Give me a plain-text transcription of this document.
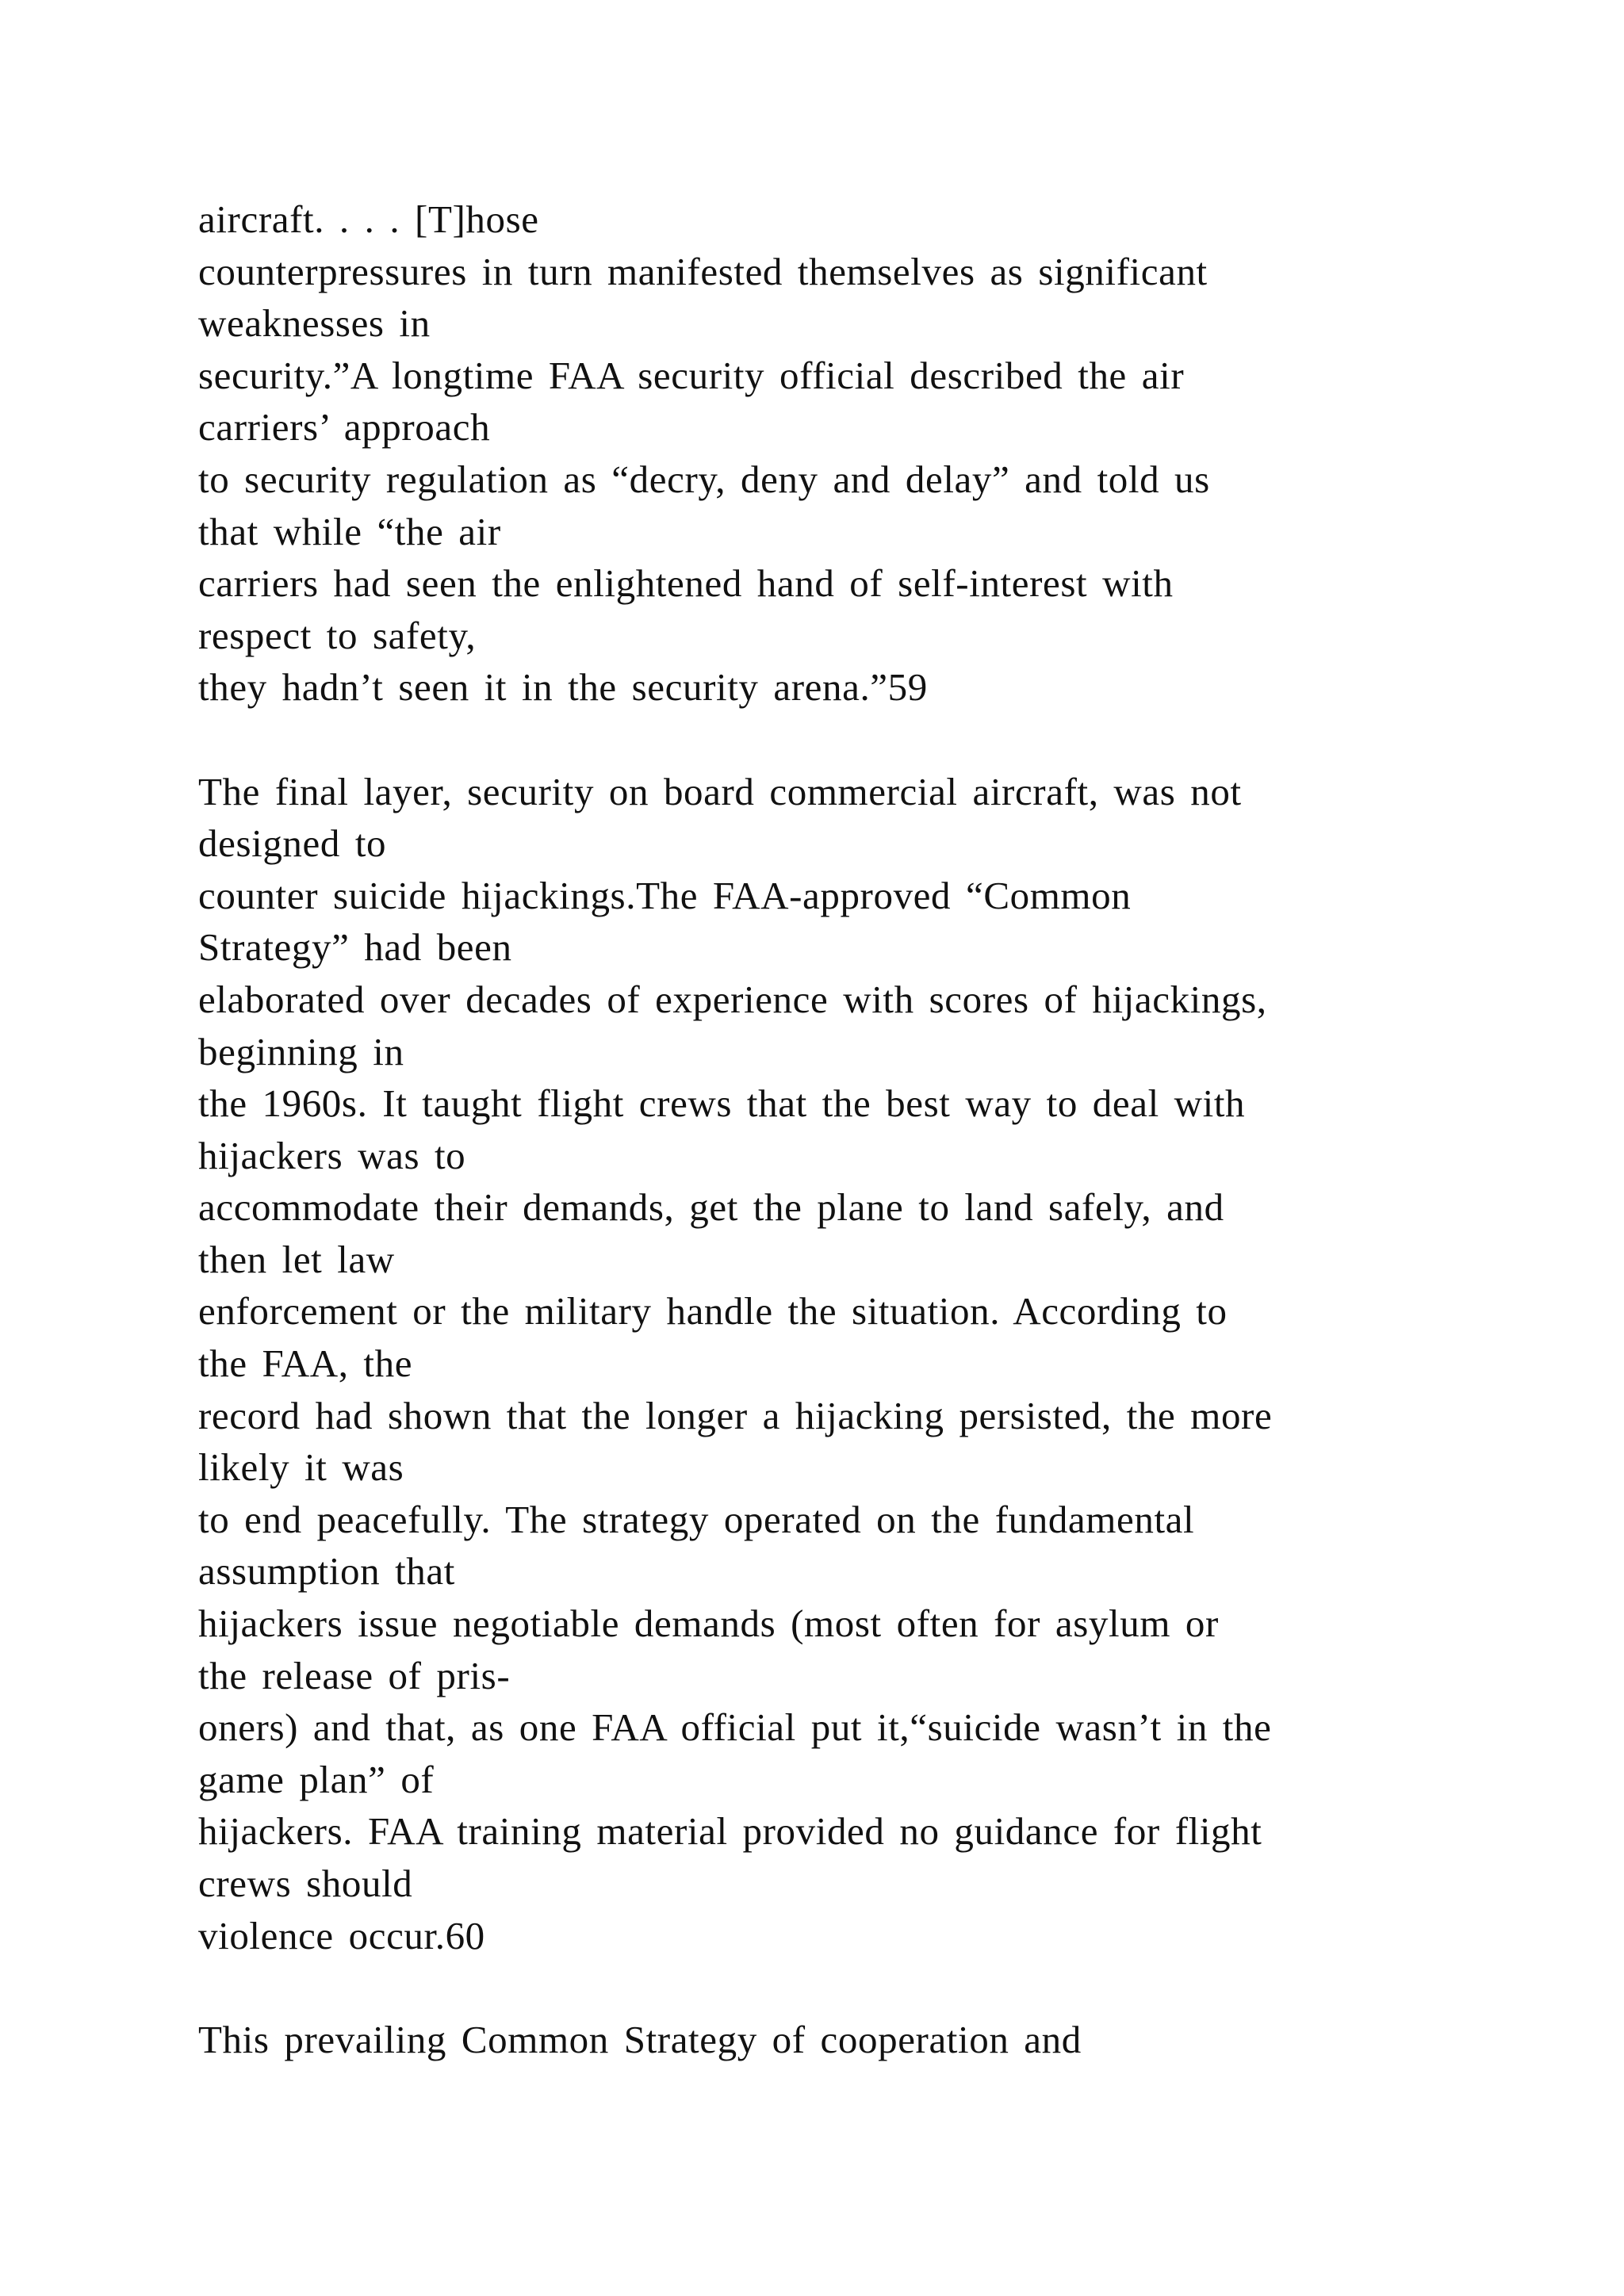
aircraft. . . . [T]hose
counterpressures in turn manifested themselves as significant
weaknesses in
security.”A longtime FAA security official described the air
carriers’ approach
to security regulation as “decry, deny and delay” and told us
that while “the air
carriers had seen the enlightened hand of self-interest with
respect to safety,
they hadn’t seen it in the security arena.”59
The final layer, security on board commercial aircraft, was not
designed to
counter suicide hijackings.The FAA-approved “Common
Strategy” had been
elaborated over decades of experience with scores of hijackings,
beginning in
the 1960s. It taught flight crews that the best way to deal with
hijackers was to
accommodate their demands, get the plane to land safely, and
then let law
enforcement or the military handle the situation. According to
the FAA, the
record had shown that the longer a hijacking persisted, the more
likely it was
to end peacefully. The strategy operated on the fundamental
assumption that
hijackers issue negotiable demands (most often for asylum or
the release of pris-
oners) and that, as one FAA official put it,“suicide wasn’t in the
game plan” of
hijackers. FAA training material provided no guidance for flight
crews should
violence occur.60
This prevailing Common Strategy of cooperation and
